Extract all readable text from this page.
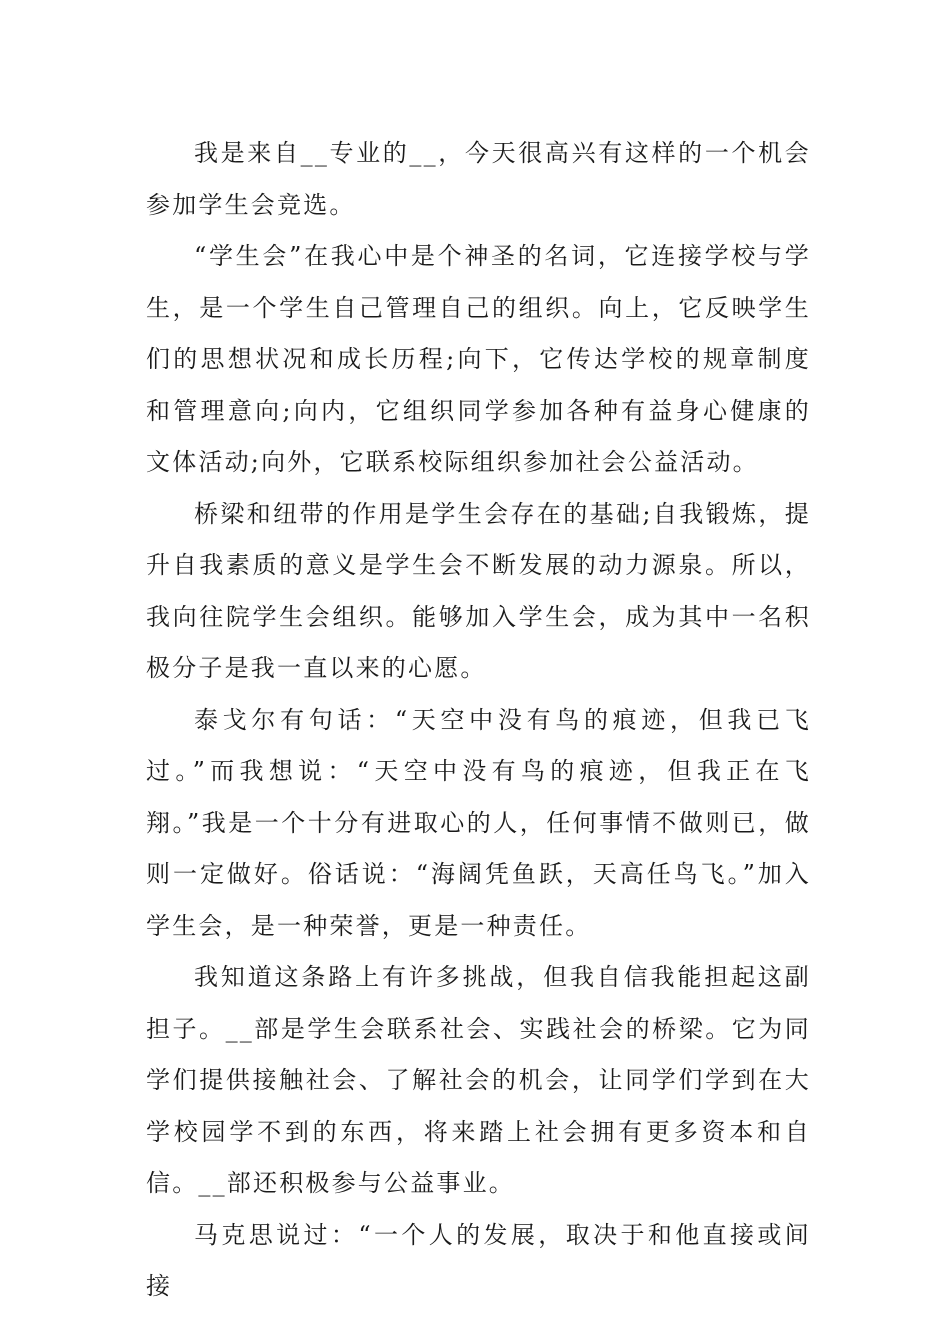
我是来自__专业的__，今天很高兴有这样的一个机会参加学生会竞选。

“学生会”在我心中是个神圣的名词，它连接学校与学生，是一个学生自己管理自己的组织。向上，它反映学生们的思想状况和成长历程;向下，它传达学校的规章制度和管理意向;向内，它组织同学参加各种有益身心健康的文体活动;向外，它联系校际组织参加社会公益活动。

桥梁和纽带的作用是学生会存在的基础;自我锻炼，提升自我素质的意义是学生会不断发展的动力源泉。所以，我向往院学生会组织。能够加入学生会，成为其中一名积极分子是我一直以来的心愿。

泰戈尔有句话：“天空中没有鸟的痕迹，但我已飞过。”而我想说：“天空中没有鸟的痕迹，但我正在飞翔。”我是一个十分有进取心的人，任何事情不做则已，做则一定做好。俗话说：“海阔凭鱼跃，天高任鸟飞。”加入学生会，是一种荣誉，更是一种责任。

我知道这条路上有许多挑战，但我自信我能担起这副担子。__部是学生会联系社会、实践社会的桥梁。它为同学们提供接触社会、了解社会的机会，让同学们学到在大学校园学不到的东西，将来踏上社会拥有更多资本和自信。__部还积极参与公益事业。

马克思说过：“一个人的发展，取决于和他直接或间接
